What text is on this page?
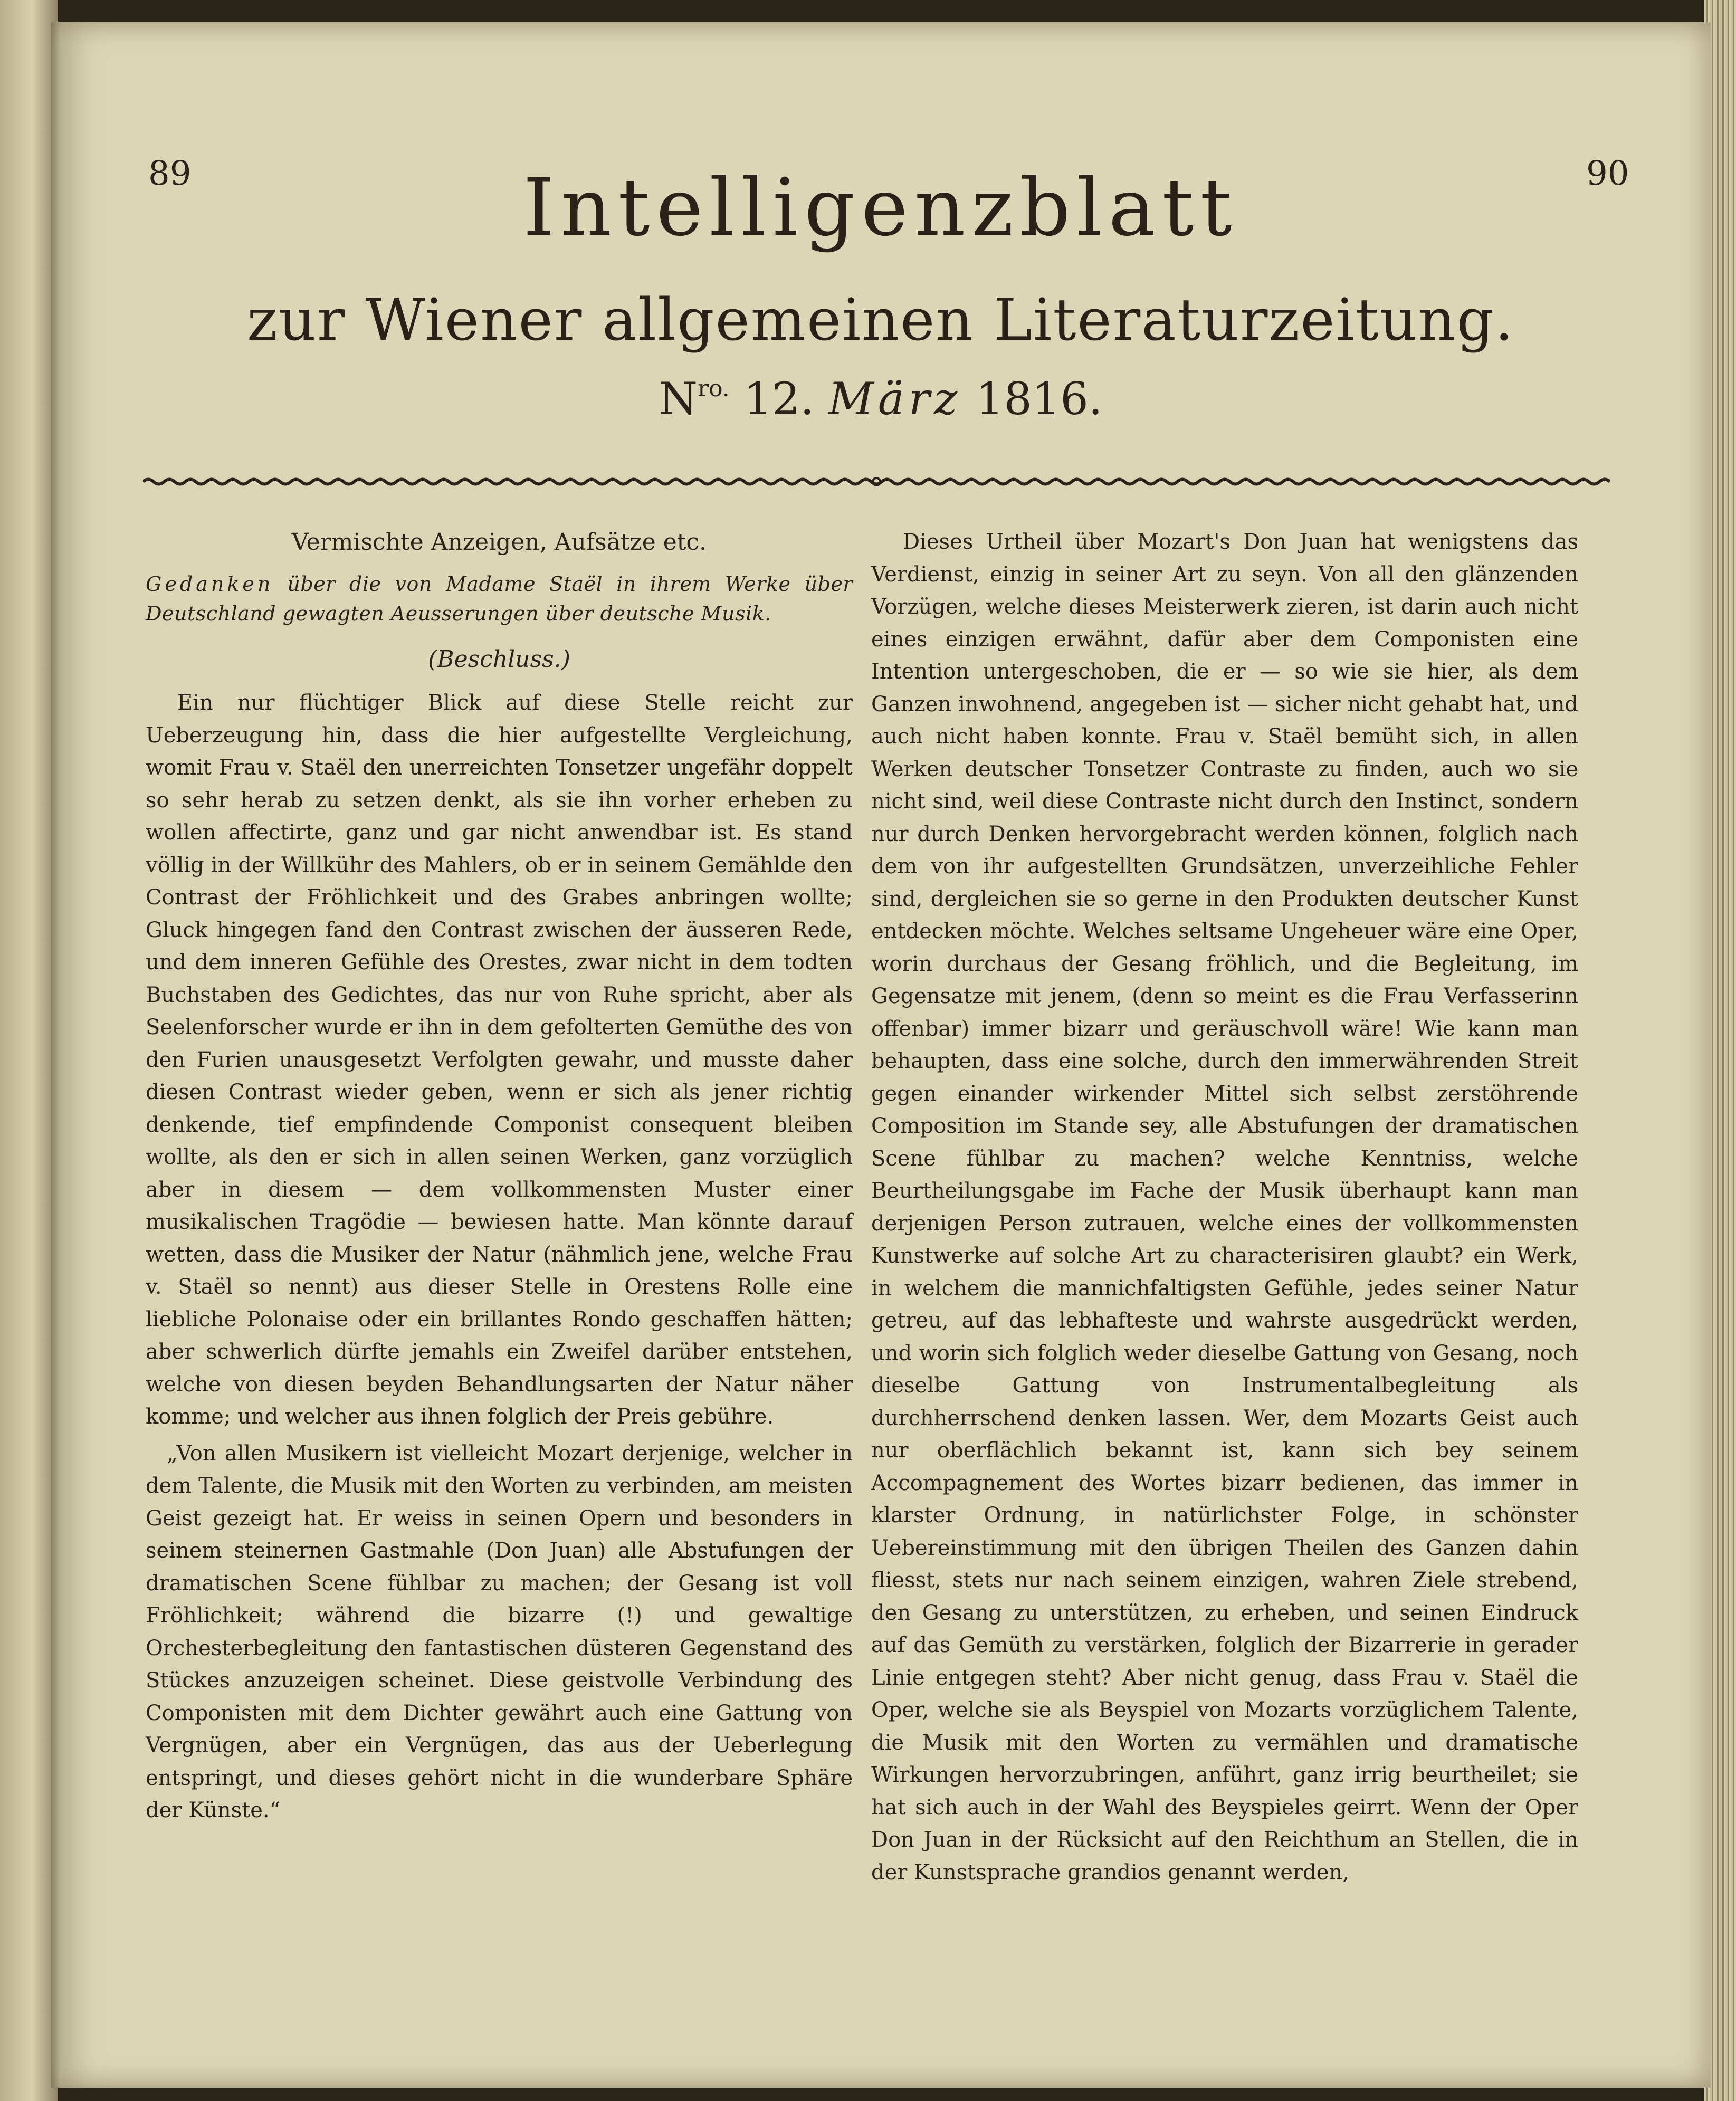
89	90
Intelligenzblatt
zur Wiener allgemeinen Literaturzeitung.
$N^{ro.}$ 12. März 1816.

Vermischte Anzeigen, Aufsätze etc.

Gedanken über die von Madame Staël in ihrem Werke über Deutschland gewagten Aeusserungen über deutsche Musik.

(Beschluss.)

Ein nur flüchtiger Blick auf diese Stelle reicht zur Ueberzeugung hin, dass die hier aufgestellte Vergleichung, womit Frau v. Staël den unerreichten Tonsetzer ungefähr doppelt so sehr herab zu setzen denkt, als sie ihn vorher erheben zu wollen affectirte, ganz und gar nicht anwendbar ist. Es stand völlig in der Willkühr des Mahlers, ob er in seinem Gemählde den Contrast der Fröhlichkeit und des Grabes anbringen wollte; Gluck hingegen fand den Contrast zwischen der äusseren Rede, und dem inneren Gefühle des Orestes, zwar nicht in dem todten Buchstaben des Gedichtes, das nur von Ruhe spricht, aber als Seelenforscher wurde er ihn in dem gefolterten Gemüthe des von den Furien unausgesetzt Verfolgten gewahr, und musste daher diesen Contrast wieder geben, wenn er sich als jener richtig denkende, tief empfindende Componist consequent bleiben wollte, als den er sich in allen seinen Werken, ganz vorzüglich aber in diesem — dem vollkommensten Muster einer musikalischen Tragödie — bewiesen hatte. Man könnte darauf wetten, dass die Musiker der Natur (nähmlich jene, welche Frau v. Staël so nennt) aus dieser Stelle in Orestens Rolle eine liebliche Polonaise oder ein brillantes Rondo geschaffen hätten; aber schwerlich dürfte jemahls ein Zweifel darüber entstehen, welche von diesen beyden Behandlungsarten der Natur näher komme; und welcher aus ihnen folglich der Preis gebühre.

„Von allen Musikern ist vielleicht Mozart derjenige, welcher in dem Talente, die Musik mit den Worten zu verbinden, am meisten Geist gezeigt hat. Er weiss in seinen Opern und besonders in seinem steinernen Gastmahle (Don Juan) alle Abstufungen der dramatischen Scene fühlbar zu machen; der Gesang ist voll Fröhlichkeit; während die bizarre (!) und gewaltige Orchesterbegleitung den fantastischen düsteren Gegenstand des Stückes anzuzeigen scheinet. Diese geistvolle Verbindung des Componisten mit dem Dichter gewährt auch eine Gattung von Vergnügen, aber ein Vergnügen, das aus der Ueberlegung entspringt, und dieses gehört nicht in die wunderbare Sphäre der Künste.“

Dieses Urtheil über Mozart's Don Juan hat wenigstens das Verdienst, einzig in seiner Art zu seyn. Von all den glänzenden Vorzügen, welche dieses Meisterwerk zieren, ist darin auch nicht eines einzigen erwähnt, dafür aber dem Componisten eine Intention untergeschoben, die er — so wie sie hier, als dem Ganzen inwohnend, angegeben ist — sicher nicht gehabt hat, und auch nicht haben konnte. Frau v. Staël bemüht sich, in allen Werken deutscher Tonsetzer Contraste zu finden, auch wo sie nicht sind, weil diese Contraste nicht durch den Instinct, sondern nur durch Denken hervorgebracht werden können, folglich nach dem von ihr aufgestellten Grundsätzen, unverzeihliche Fehler sind, dergleichen sie so gerne in den Produkten deutscher Kunst entdecken möchte. Welches seltsame Ungeheuer wäre eine Oper, worin durchaus der Gesang fröhlich, und die Begleitung, im Gegensatze mit jenem, (denn so meint es die Frau Verfasserinn offenbar) immer bizarr und geräuschvoll wäre! Wie kann man behaupten, dass eine solche, durch den immerwährenden Streit gegen einander wirkender Mittel sich selbst zerstöhrende Composition im Stande sey, alle Abstufungen der dramatischen Scene fühlbar zu machen? welche Kenntniss, welche Beurtheilungsgabe im Fache der Musik überhaupt kann man derjenigen Person zutrauen, welche eines der vollkommensten Kunstwerke auf solche Art zu characterisiren glaubt? ein Werk, in welchem die mannichfaltigsten Gefühle, jedes seiner Natur getreu, auf das lebhafteste und wahrste ausgedrückt werden, und worin sich folglich weder dieselbe Gattung von Gesang, noch dieselbe Gattung von Instrumentalbegleitung als durchherrschend denken lassen. Wer, dem Mozarts Geist auch nur oberflächlich bekannt ist, kann sich bey seinem Accompagnement des Wortes bizarr bedienen, das immer in klarster Ordnung, in natürlichster Folge, in schönster Uebereinstimmung mit den übrigen Theilen des Ganzen dahin fliesst, stets nur nach seinem einzigen, wahren Ziele strebend, den Gesang zu unterstützen, zu erheben, und seinen Eindruck auf das Gemüth zu verstärken, folglich der Bizarrerie in gerader Linie entgegen steht? Aber nicht genug, dass Frau v. Staël die Oper, welche sie als Beyspiel von Mozarts vorzüglichem Talente, die Musik mit den Worten zu vermählen und dramatische Wirkungen hervorzubringen, anführt, ganz irrig beurtheilet; sie hat sich auch in der Wahl des Beyspieles geirrt. Wenn der Oper Don Juan in der Rücksicht auf den Reichthum an Stellen, die in der Kunstsprache grandios genannt werden,
